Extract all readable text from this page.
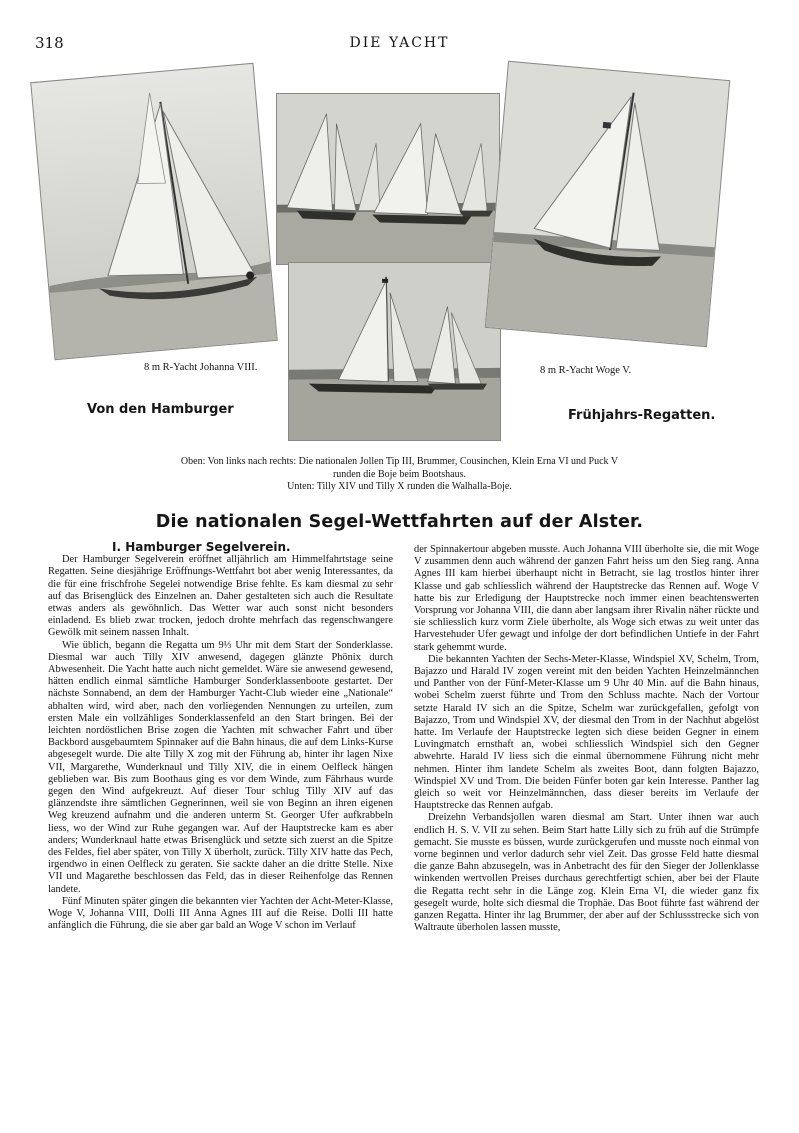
318	DIE YACHT
8 m R-Yacht Johanna VIII.	8 m R-Yacht Woge V.
Von den Hamburger	Frühjahrs-Regatten.
Oben: Von links nach rechts: Die nationalen Jollen Tip III, Brummer, Cousinchen, Klein Erna VI und Puck V
runden die Boje beim Bootshaus.
Unten: Tilly XIV und Tilly X runden die Walhalla-Boje.
Die nationalen Segel-Wettfahrten auf der Alster.

I. Hamburger Segelverein.

Der Hamburger Segelverein eröffnet alljährlich am Himmelfahrtstage seine Regatten. Seine diesjährige Eröffnungs-Wettfahrt bot aber wenig Interessantes, da die für eine frischfrohe Segelei notwendige Brise fehlte. Es kam diesmal zu sehr auf das Brisenglück des Einzelnen an. Daher gestalteten sich auch die Resultate etwas anders als gewöhnlich. Das Wetter war auch sonst nicht besonders einladend. Es blieb zwar trocken, jedoch drohte mehrfach das regenschwangere Gewölk mit seinem nassen Inhalt.

Wie üblich, begann die Regatta um 9⅓ Uhr mit dem Start der Sonderklasse. Diesmal war auch Tilly XIV anwesend, dagegen glänzte Phönix durch Abwesenheit. Die Yacht hatte auch nicht gemeldet. Wäre sie anwesend gewesend, hätten endlich einmal sämtliche Hamburger Sonderklassenboote gestartet. Der nächste Sonnabend, an dem der Hamburger Yacht-Club wieder eine „Nationale“ abhalten wird, wird aber, nach den vorliegenden Nennungen zu urteilen, zum ersten Male ein vollzähliges Sonderklassenfeld an den Start bringen. Bei der leichten nordöstlichen Brise zogen die Yachten mit schwacher Fahrt und über Backbord ausgebaumtem Spinnaker auf die Bahn hinaus, die auf dem Links-Kurse abgesegelt wurde. Die alte Tilly X zog mit der Führung ab, hinter ihr lagen Nixe VII, Margarethe, Wunderknaul und Tilly XIV, die in einem Oelfleck hängen geblieben war. Bis zum Boothaus ging es vor dem Winde, zum Fährhaus wurde gegen den Wind aufgekreuzt. Auf dieser Tour schlug Tilly XIV auf das glänzendste ihre sämtlichen Gegnerinnen, weil sie von Beginn an ihren eigenen Weg kreuzend aufnahm und die anderen unterm St. Georger Ufer aufkrabbeln liess, wo der Wind zur Ruhe gegangen war. Auf der Hauptstrecke kam es aber anders; Wunderknaul hatte etwas Brisenglück und setzte sich zuerst an die Spitze des Feldes, fiel aber später, von Tilly X überholt, zurück. Tilly XIV hatte das Pech, irgendwo in einen Oelfleck zu geraten. Sie sackte daher an die dritte Stelle. Nixe VII und Magarethe beschlossen das Feld, das in dieser Reihenfolge das Rennen landete.

Fünf Minuten später gingen die bekannten vier Yachten der Acht-Meter-Klasse, Woge V, Johanna VIII, Dolli III Anna Agnes III auf die Reise. Dolli III hatte anfänglich die Führung, die sie aber gar bald an Woge V schon im Verlauf

der Spinnakertour abgeben musste. Auch Johanna VIII überholte sie, die mit Woge V zusammen denn auch während der ganzen Fahrt heiss um den Sieg rang. Anna Agnes III kam hierbei überhaupt nicht in Betracht, sie lag trostlos hinter ihrer Klasse und gab schliesslich während der Hauptstrecke das Rennen auf. Woge V hatte bis zur Erledigung der Hauptstrecke noch immer einen beachtenswerten Vorsprung vor Johanna VIII, die dann aber langsam ihrer Rivalin näher rückte und sie schliesslich kurz vorm Ziele überholte, als Woge sich etwas zu weit unter das Harvestehuder Ufer gewagt und infolge der dort befindlichen Untiefe in der Fahrt stark gehemmt wurde.

Die bekannten Yachten der Sechs-Meter-Klasse, Windspiel XV, Schelm, Trom, Bajazzo und Harald IV zogen vereint mit den beiden Yachten Heinzelmännchen und Panther von der Fünf-Meter-Klasse um 9 Uhr 40 Min. auf die Bahn hinaus, wobei Schelm zuerst führte und Trom den Schluss machte. Nach der Vortour setzte Harald IV sich an die Spitze, Schelm war zurückgefallen, gefolgt von Bajazzo, Trom und Windspiel XV, der diesmal den Trom in der Nachhut abgelöst hatte. Im Verlaufe der Hauptstrecke legten sich diese beiden Gegner in einem Luvingmatch ernsthaft an, wobei schliesslich Windspiel sich den Gegner abwehrte. Harald IV liess sich die einmal übernommene Führung nicht mehr nehmen. Hinter ihm landete Schelm als zweites Boot, dann folgten Bajazzo, Windspiel XV und Trom. Die beiden Fünfer boten gar kein Interesse. Panther lag gleich so weit vor Heinzelmännchen, dass dieser bereits im Verlaufe der Hauptstrecke das Rennen aufgab.

Dreizehn Verbandsjollen waren diesmal am Start. Unter ihnen war auch endlich H. S. V. VII zu sehen. Beim Start hatte Lilly sich zu früh auf die Strümpfe gemacht. Sie musste es büssen, wurde zurückgerufen und musste noch einmal von vorne beginnen und verlor dadurch sehr viel Zeit. Das grosse Feld hatte diesmal die ganze Bahn abzusegeln, was in Anbetracht des für den Sieger der Jollenklasse winkenden wertvollen Preises durchaus gerechtfertigt schien, aber bei der Flaute die Regatta recht sehr in die Länge zog. Klein Erna VI, die wieder ganz fix gesegelt wurde, holte sich diesmal die Trophäe. Das Boot führte fast während der ganzen Regatta. Hinter ihr lag Brummer, der aber auf der Schlussstrecke sich von Waltraute überholen lassen musste,
